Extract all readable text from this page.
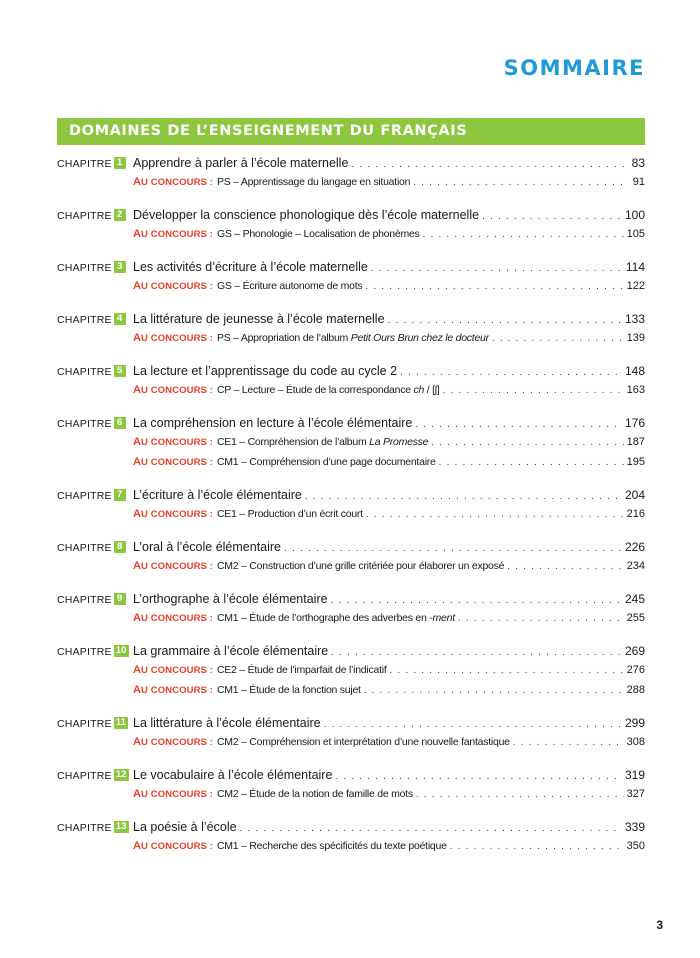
SOMMAIRE
DOMAINES DE L’ENSEIGNEMENT DU FRANÇAIS
CHAPITRE 1 Apprendre à parler à l’école maternelle . . .	83
AU CONCOURS : PS – Apprentissage du langage en situation . . .	91
CHAPITRE 2 Développer la conscience phonologique dès l’école maternelle . . .	100
AU CONCOURS : GS – Phonologie – Localisation de phonèmes . . .	105
CHAPITRE 3 Les activités d’écriture à l’école maternelle . . .	114
AU CONCOURS : GS – Écriture autonome de mots . . .	122
CHAPITRE 4 La littérature de jeunesse à l’école maternelle . . .	133
AU CONCOURS : PS – Appropriation de l’album Petit Ours Brun chez le docteur . . .	139
CHAPITRE 5 La lecture et l’apprentissage du code au cycle 2 . . .	148
AU CONCOURS : CP – Lecture – Étude de la correspondance ch / [ʃ] . . .	163
CHAPITRE 6 La compréhension en lecture à l’école élémentaire . . .	176
AU CONCOURS : CE1 – Compréhension de l’album La Promesse . . .	187
AU CONCOURS : CM1 – Compréhension d’une page documentaire . . .	195
CHAPITRE 7 L’écriture à l’école élémentaire . . .	204
AU CONCOURS : CE1 – Production d’un écrit court . . .	216
CHAPITRE 8 L’oral à l’école élémentaire . . .	226
AU CONCOURS : CM2 – Construction d’une grille critériée pour élaborer un exposé . . .	234
CHAPITRE 9 L’orthographe à l’école élémentaire . . .	245
AU CONCOURS : CM1 – Étude de l’orthographe des adverbes en -ment . . .	255
CHAPITRE 10 La grammaire à l’école élémentaire . . .	269
AU CONCOURS : CE2 – Étude de l’imparfait de l’indicatif . . .	276
AU CONCOURS : CM1 – Étude de la fonction sujet . . .	288
CHAPITRE 11 La littérature à l’école élémentaire . . .	299
AU CONCOURS : CM2 – Compréhension et interprétation d’une nouvelle fantastique . . .	308
CHAPITRE 12 Le vocabulaire à l’école élémentaire . . .	319
AU CONCOURS : CM2 – Étude de la notion de famille de mots . . .	327
CHAPITRE 13 La poésie à l’école . . .	339
AU CONCOURS : CM1 – Recherche des spécificités du texte poétique . . .	350
3
